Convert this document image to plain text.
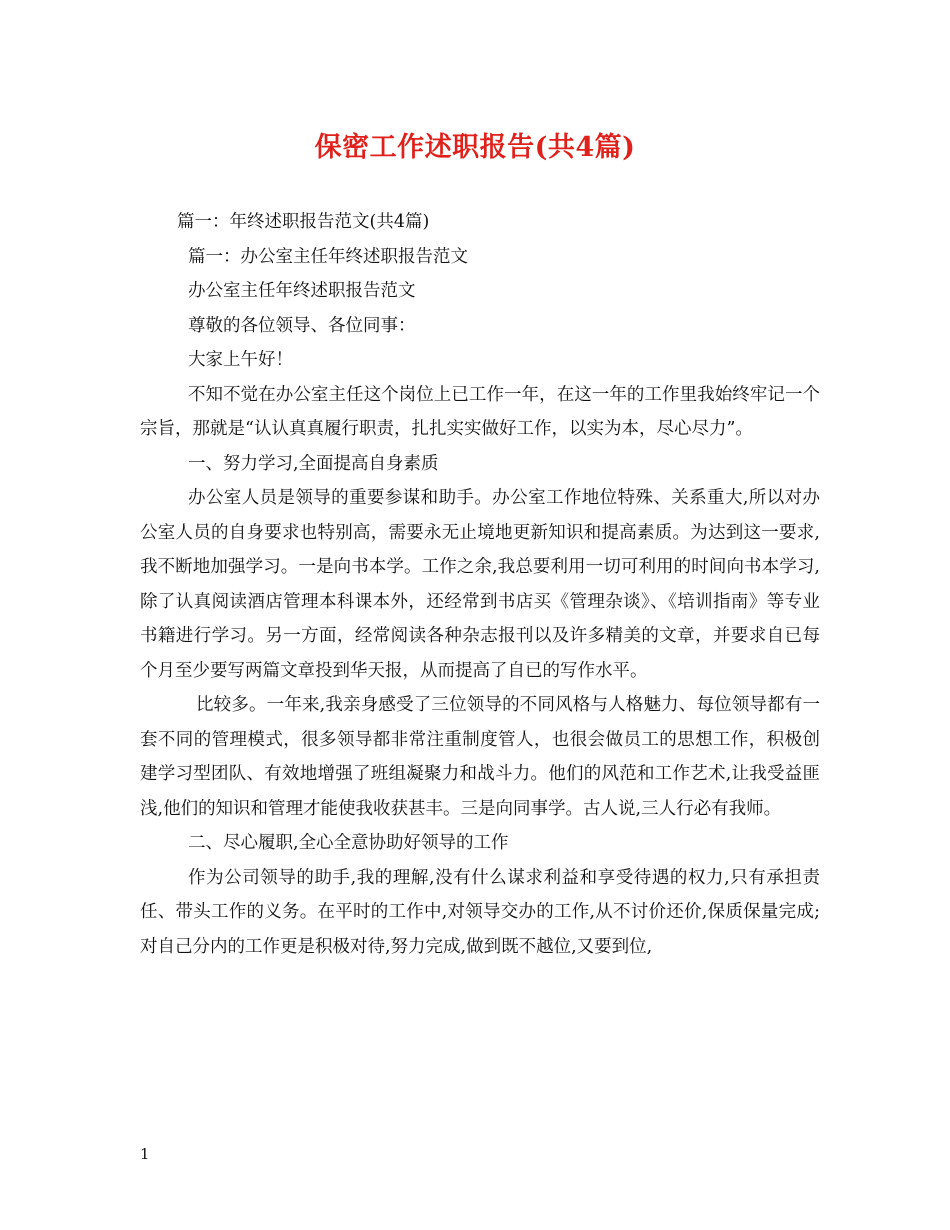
保密工作述职报告(共4篇)

篇一：年终述职报告范文(共4篇)

篇一：办公室主任年终述职报告范文

办公室主任年终述职报告范文

尊敬的各位领导、各位同事：

大家上午好！

不知不觉在办公室主任这个岗位上已工作一年，在这一年的工作里我始终牢记一个宗旨，那就是“认认真真履行职责，扎扎实实做好工作，以实为本，尽心尽力”。

一、努力学习,全面提高自身素质

办公室人员是领导的重要参谋和助手。办公室工作地位特殊、关系重大,所以对办公室人员的自身要求也特别高，需要永无止境地更新知识和提高素质。为达到这一要求,我不断地加强学习。一是向书本学。工作之余,我总要利用一切可利用的时间向书本学习,除了认真阅读酒店管理本科课本外，还经常到书店买《管理杂谈》、《培训指南》等专业书籍进行学习。另一方面，经常阅读各种杂志报刊以及许多精美的文章，并要求自已每个月至少要写两篇文章投到华天报，从而提高了自已的写作水平。

比较多。一年来,我亲身感受了三位领导的不同风格与人格魅力、每位领导都有一套不同的管理模式，很多领导都非常注重制度管人，也很会做员工的思想工作，积极创建学习型团队、有效地增强了班组凝聚力和战斗力。他们的风范和工作艺术,让我受益匪浅,他们的知识和管理才能使我收获甚丰。三是向同事学。古人说,三人行必有我师。

二、尽心履职,全心全意协助好领导的工作

作为公司领导的助手,我的理解,没有什么谋求利益和享受待遇的权力,只有承担责任、带头工作的义务。在平时的工作中,对领导交办的工作,从不讨价还价,保质保量完成;对自己分内的工作更是积极对待,努力完成,做到既不越位,又要到位,

1
